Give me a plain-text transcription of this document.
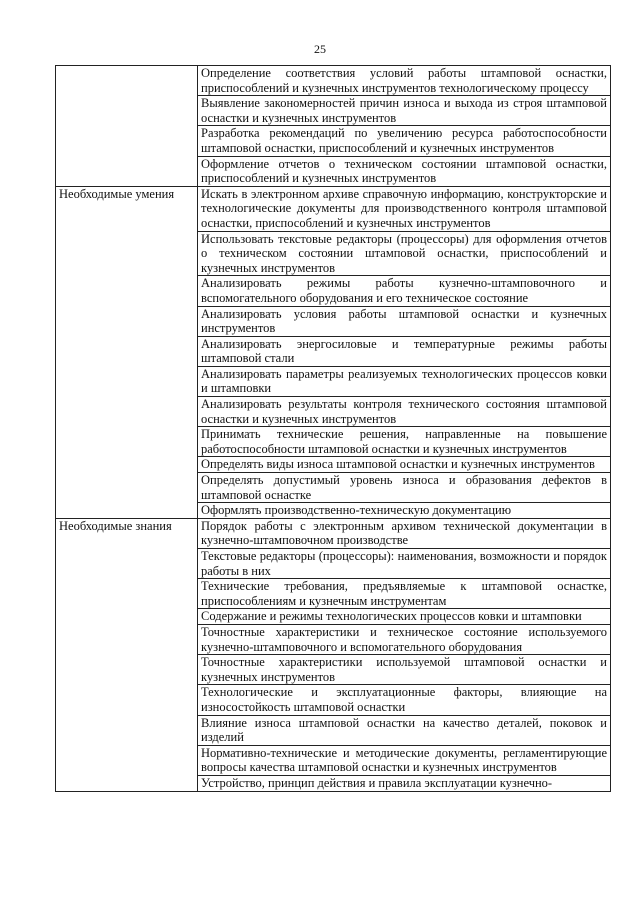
25
	Определение соответствия условий работы штамповой оснастки, приспособлений и кузнечных инструментов технологическому процессу
	Выявление закономерностей причин износа и выхода из строя штамповой оснастки и кузнечных инструментов
	Разработка рекомендаций по увеличению ресурса работоспособности штамповой оснастки, приспособлений и кузнечных инструментов
	Оформление отчетов о техническом состоянии штамповой оснастки, приспособлений и кузнечных инструментов
Необходимые умения	Искать в электронном архиве справочную информацию, конструкторские и технологические документы для производственного контроля штамповой оснастки, приспособлений и кузнечных инструментов
	Использовать текстовые редакторы (процессоры) для оформления отчетов о техническом состоянии штамповой оснастки, приспособлений и кузнечных инструментов
	Анализировать режимы работы кузнечно-штамповочного и вспомогательного оборудования и его техническое состояние
	Анализировать условия работы штамповой оснастки и кузнечных инструментов
	Анализировать энергосиловые и температурные режимы работы штамповой стали
	Анализировать параметры реализуемых технологических процессов ковки и штамповки
	Анализировать результаты контроля технического состояния штамповой оснастки и кузнечных инструментов
	Принимать технические решения, направленные на повышение работоспособности штамповой оснастки и кузнечных инструментов
	Определять виды износа штамповой оснастки и кузнечных инструментов
	Определять допустимый уровень износа и образования дефектов в штамповой оснастке
	Оформлять производственно-техническую документацию
Необходимые знания	Порядок работы с электронным архивом технической документации в кузнечно-штамповочном производстве
	Текстовые редакторы (процессоры): наименования, возможности и порядок работы в них
	Технические требования, предъявляемые к штамповой оснастке, приспособлениям и кузнечным инструментам
	Содержание и режимы технологических процессов ковки и штамповки
	Точностные характеристики и техническое состояние используемого кузнечно-штамповочного и вспомогательного оборудования
	Точностные характеристики используемой штамповой оснастки и кузнечных инструментов
	Технологические и эксплуатационные факторы, влияющие на износостойкость штамповой оснастки
	Влияние износа штамповой оснастки на качество деталей, поковок и изделий
	Нормативно-технические и методические документы, регламентирующие вопросы качества штамповой оснастки и кузнечных инструментов
	Устройство, принцип действия и правила эксплуатации кузнечно-
